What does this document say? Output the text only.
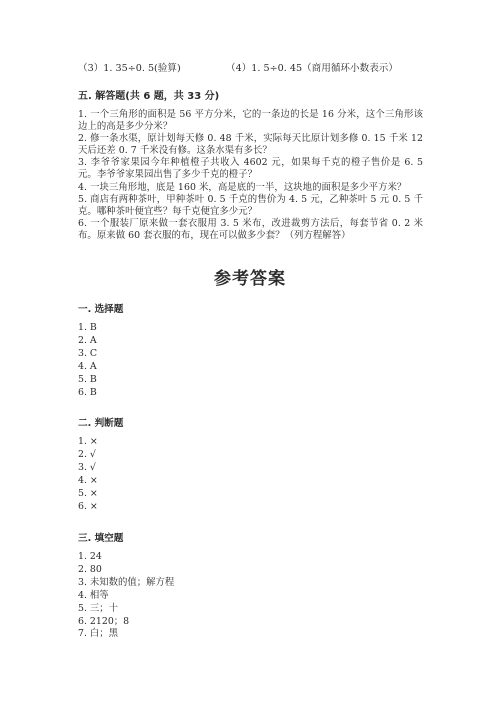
（3）1. 35÷0. 5(验算)	（4）1. 5÷0. 45（商用循环小数表示）
五. 解答题(共 6 题，共 33 分)

1. 一个三角形的面积是 56 平方分米，它的一条边的长是 16 分米，这个三角形该边上的高是多少分米？

2. 修一条水渠，原计划每天修 0. 48 千米，实际每天比原计划多修 0. 15 千米 12 天后还差 0. 7 千米没有修。这条水渠有多长？

3. 李爷爷家果园今年种植橙子共收入 4602 元，如果每千克的橙子售价是 6. 5 元。李爷爷家果园出售了多少千克的橙子？

4. 一块三角形地，底是 160 米，高是底的一半，这块地的面积是多少平方米？

5. 商店有两种茶叶，甲种茶叶 0. 5 千克的售价为 4. 5 元，乙种茶叶 5 元 0. 5 千克。哪种茶叶便宜些？每千克便宜多少元？

6. 一个服装厂原来做一套衣服用 3. 5 米布，改进裁剪方法后，每套节省 0. 2 米布。原来做 60 套衣服的布，现在可以做多少套？（列方程解答）

参考答案
一. 选择题
1. B
2. A
3. C
4. A
5. B
6. B
二. 判断题
1. ×
2. √
3. √
4. ×
5. ×
6. ×
三. 填空题
1. 24
2. 80
3. 未知数的值；解方程
4. 相等
5. 三；十
6. 2120；8
7. 白；黑
